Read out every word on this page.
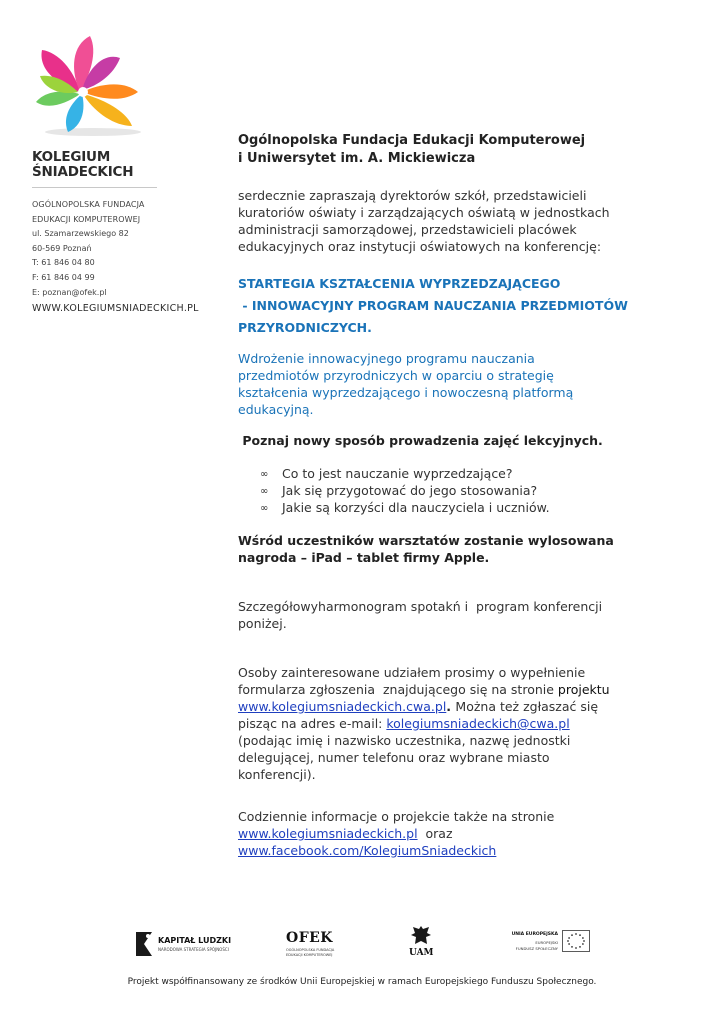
KOLEGIUM
ŚNIADECKICH
OGÓLNOPOLSKA FUNDACJA
EDUKACJI KOMPUTEROWEJ
ul. Szamarzewskiego 82
60-569 Poznań
T: 61 846 04 80
F: 61 846 04 99
E: poznan@ofek.pl
WWW.KOLEGIUMSNIADECKICH.PL
Ogólnopolska Fundacja Edukacji Komputerowej
i Uniwersytet im. A. Mickiewicza
serdecznie zapraszają dyrektorów szkół, przedstawicieli
kuratoriów oświaty i zarządzających oświatą w jednostkach
administracji samorządowej, przedstawicieli placówek
edukacyjnych oraz instytucji oświatowych na konferencję:
STARTEGIA KSZTAŁCENIA WYPRZEDZAJĄCEGO
- INNOWACYJNY PROGRAM NAUCZANIA PRZEDMIOTÓW
PRZYRODNICZYCH.
Wdrożenie innowacyjnego programu nauczania
przedmiotów przyrodniczych w oparciu o strategię
kształcenia wyprzedzającego i nowoczesną platformą
edukacyjną.
Poznaj nowy sposób prowadzenia zajęć lekcyjnych.
∞ Co to jest nauczanie wyprzedzające?
∞ Jak się przygotować do jego stosowania?
∞ Jakie są korzyści dla nauczyciela i uczniów.
Wśród uczestników warsztatów zostanie wylosowana
nagroda – iPad – tablet firmy Apple.
Szczegółowyharmonogram spotakń i  program konferencji
poniżej.
Osoby zainteresowane udziałem prosimy o wypełnienie
formularza zgłoszenia  znajdującego się na stronie projektu
www.kolegiumsniadeckich.cwa.pl. Można też zgłaszać się
pisząc na adres e-mail: kolegiumsniadeckich@cwa.pl
(podając imię i nazwisko uczestnika, nazwę jednostki
delegującej, numer telefonu oraz wybrane miasto
konferencji).
Codziennie informacje o projekcie także na stronie
www.kolegiumsniadeckich.pl  oraz
www.facebook.com/KolegiumSniadeckich
KAPITAŁ LUDZKI
NARODOWA STRATEGIA SPÓJNOŚCI
OFEK
OGÓLNOPOLSKA FUNDACJA
EDUKACJI KOMPUTEROWEJ	UAM
UNIA EUROPEJSKA
EUROPEJSKI
FUNDUSZ SPOŁECZNY
Projekt współfinansowany ze środków Unii Europejskiej w ramach Europejskiego Funduszu Społecznego.
